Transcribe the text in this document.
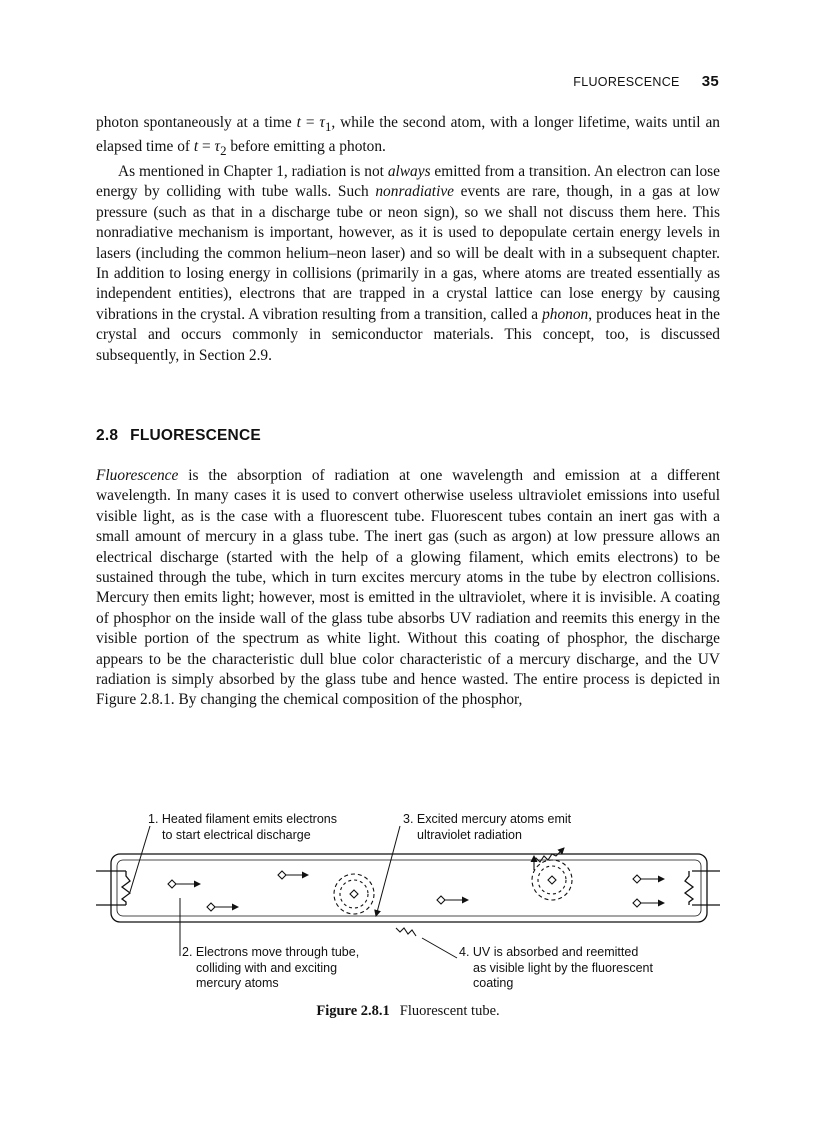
FLUORESCENCE 35

photon spontaneously at a time $t = \tau_1$, while the second atom, with a longer lifetime, waits until an elapsed time of $t = \tau_2$ before emitting a photon.

As mentioned in Chapter 1, radiation is not always emitted from a transition. An electron can lose energy by colliding with tube walls. Such nonradiative events are rare, though, in a gas at low pressure (such as that in a discharge tube or neon sign), so we shall not discuss them here. This nonradiative mechanism is important, however, as it is used to depopulate certain energy levels in lasers (including the common helium–neon laser) and so will be dealt with in a subsequent chapter. In addition to losing energy in collisions (primarily in a gas, where atoms are treated essentially as independent entities), electrons that are trapped in a crystal lattice can lose energy by causing vibrations in the crystal. A vibration resulting from a transition, called a phonon, produces heat in the crystal and occurs commonly in semiconductor materials. This concept, too, is discussed subsequently, in Section 2.9.

2.8 FLUORESCENCE

Fluorescence is the absorption of radiation at one wavelength and emission at a different wavelength. In many cases it is used to convert otherwise useless ultraviolet emissions into useful visible light, as is the case with a fluorescent tube. Fluorescent tubes contain an inert gas with a small amount of mercury in a glass tube. The inert gas (such as argon) at low pressure allows an electrical discharge (started with the help of a glowing filament, which emits electrons) to be sustained through the tube, which in turn excites mercury atoms in the tube by electron collisions. Mercury then emits light; however, most is emitted in the ultraviolet, where it is invisible. A coating of phosphor on the inside wall of the glass tube absorbs UV radiation and reemits this energy in the visible portion of the spectrum as white light. Without this coating of phosphor, the discharge appears to be the characteristic dull blue color characteristic of a mercury discharge, and the UV radiation is simply absorbed by the glass tube and hence wasted. The entire process is depicted in Figure 2.8.1. By changing the chemical composition of the phosphor,

1. Heated filament emits electrons
to start electrical discharge
3. Excited mercury atoms emit
ultraviolet radiation
2. Electrons move through tube,
colliding with and exciting
mercury atoms
4. UV is absorbed and reemitted
as visible light by the fluorescent
coating
Figure 2.8.1 Fluorescent tube.
